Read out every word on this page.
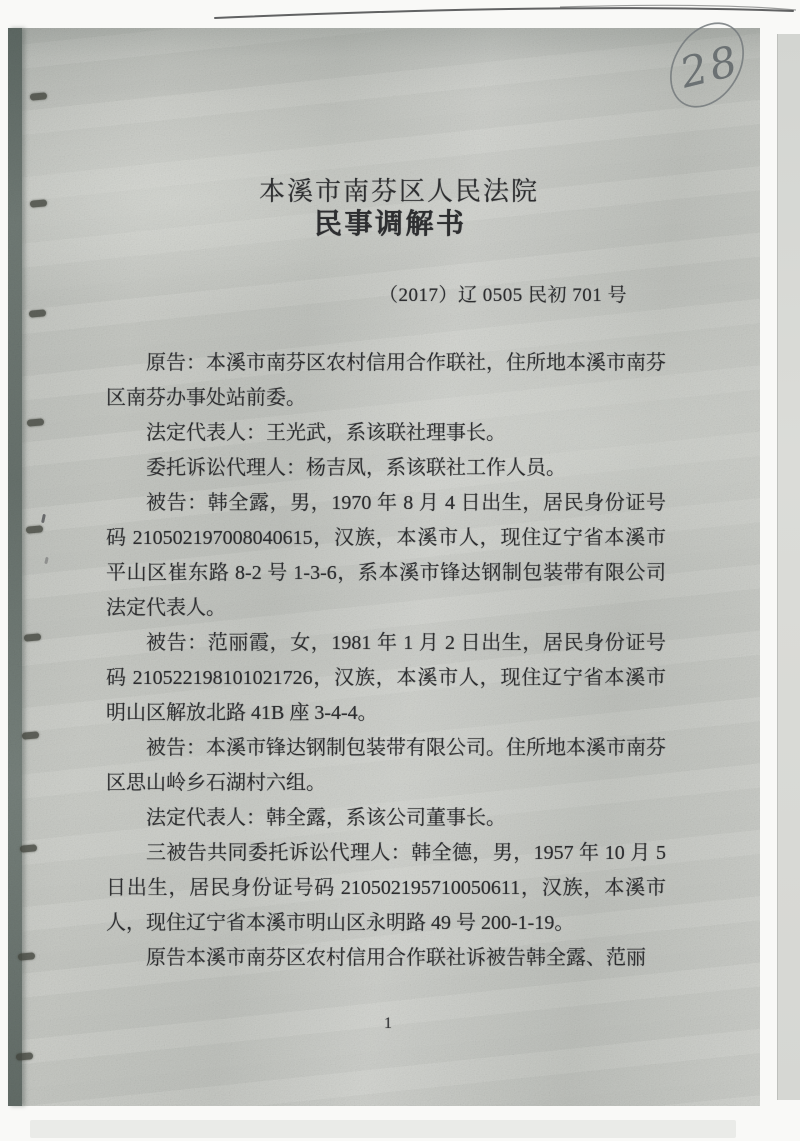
28
本溪市南芬区人民法院
民事调解书
（2017）辽 0505 民初 701 号

原告：本溪市南芬区农村信用合作联社，住所地本溪市南芬区南芬办事处站前委。

法定代表人：王光武，系该联社理事长。

委托诉讼代理人：杨吉凤，系该联社工作人员。

被告：韩全露，男，1970 年 8 月 4 日出生，居民身份证号码 210502197008040615，汉族，本溪市人，现住辽宁省本溪市平山区崔东路 8-2 号 1-3-6，系本溪市锋达钢制包装带有限公司法定代表人。

被告：范丽霞，女，1981 年 1 月 2 日出生，居民身份证号码 210522198101021726，汉族，本溪市人，现住辽宁省本溪市明山区解放北路 41B 座 3-4-4。

被告：本溪市锋达钢制包装带有限公司。住所地本溪市南芬区思山岭乡石湖村六组。

法定代表人：韩全露，系该公司董事长。

三被告共同委托诉讼代理人：韩全德，男，1957 年 10 月 5 日出生，居民身份证号码 210502195710050611，汉族，本溪市人，现住辽宁省本溪市明山区永明路 49 号 200-1-19。

原告本溪市南芬区农村信用合作联社诉被告韩全露、范丽

1
